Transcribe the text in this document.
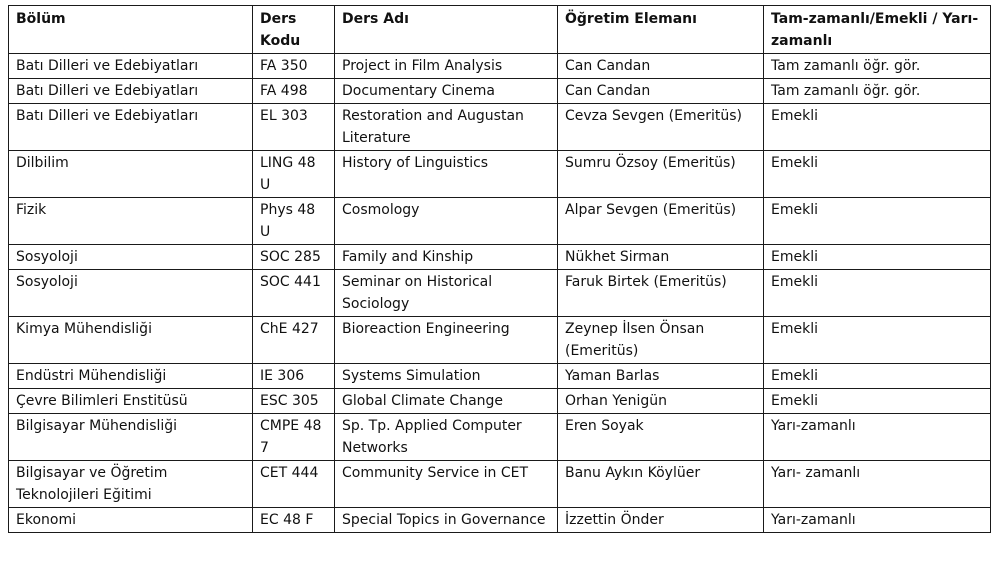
Bölüm	Ders Kodu	Ders Adı	Öğretim Elemanı	Tam-zamanlı/Emekli / Yarı-zamanlı
Batı Dilleri ve Edebiyatları	FA 350	Project in Film Analysis	Can Candan	Tam zamanlı öğr. gör.
Batı Dilleri ve Edebiyatları	FA 498	Documentary Cinema	Can Candan	Tam zamanlı öğr. gör.
Batı Dilleri ve Edebiyatları	EL 303	Restoration and Augustan Literature	Cevza Sevgen (Emeritüs)	Emekli
Dilbilim	LING 48 U	History of Linguistics	Sumru Özsoy (Emeritüs)	Emekli
Fizik	Phys 48 U	Cosmology	Alpar Sevgen (Emeritüs)	Emekli
Sosyoloji	SOC 285	Family and Kinship	Nükhet Sirman	Emekli
Sosyoloji	SOC 441	Seminar on Historical Sociology	Faruk Birtek (Emeritüs)	Emekli
Kimya Mühendisliği	ChE 427	Bioreaction Engineering	Zeynep İlsen Önsan (Emeritüs)	Emekli
Endüstri Mühendisliği	IE 306	Systems Simulation	Yaman Barlas	Emekli
Çevre Bilimleri Enstitüsü	ESC 305	Global Climate Change	Orhan Yenigün	Emekli
Bilgisayar Mühendisliği	CMPE 487	Sp. Tp. Applied Computer Networks	Eren Soyak	Yarı-zamanlı
Bilgisayar ve Öğretim Teknolojileri Eğitimi	CET 444	Community Service in CET	Banu Aykın Köylüer	Yarı- zamanlı
Ekonomi	EC 48 F	Special Topics in Governance	İzzettin Önder	Yarı-zamanlı
